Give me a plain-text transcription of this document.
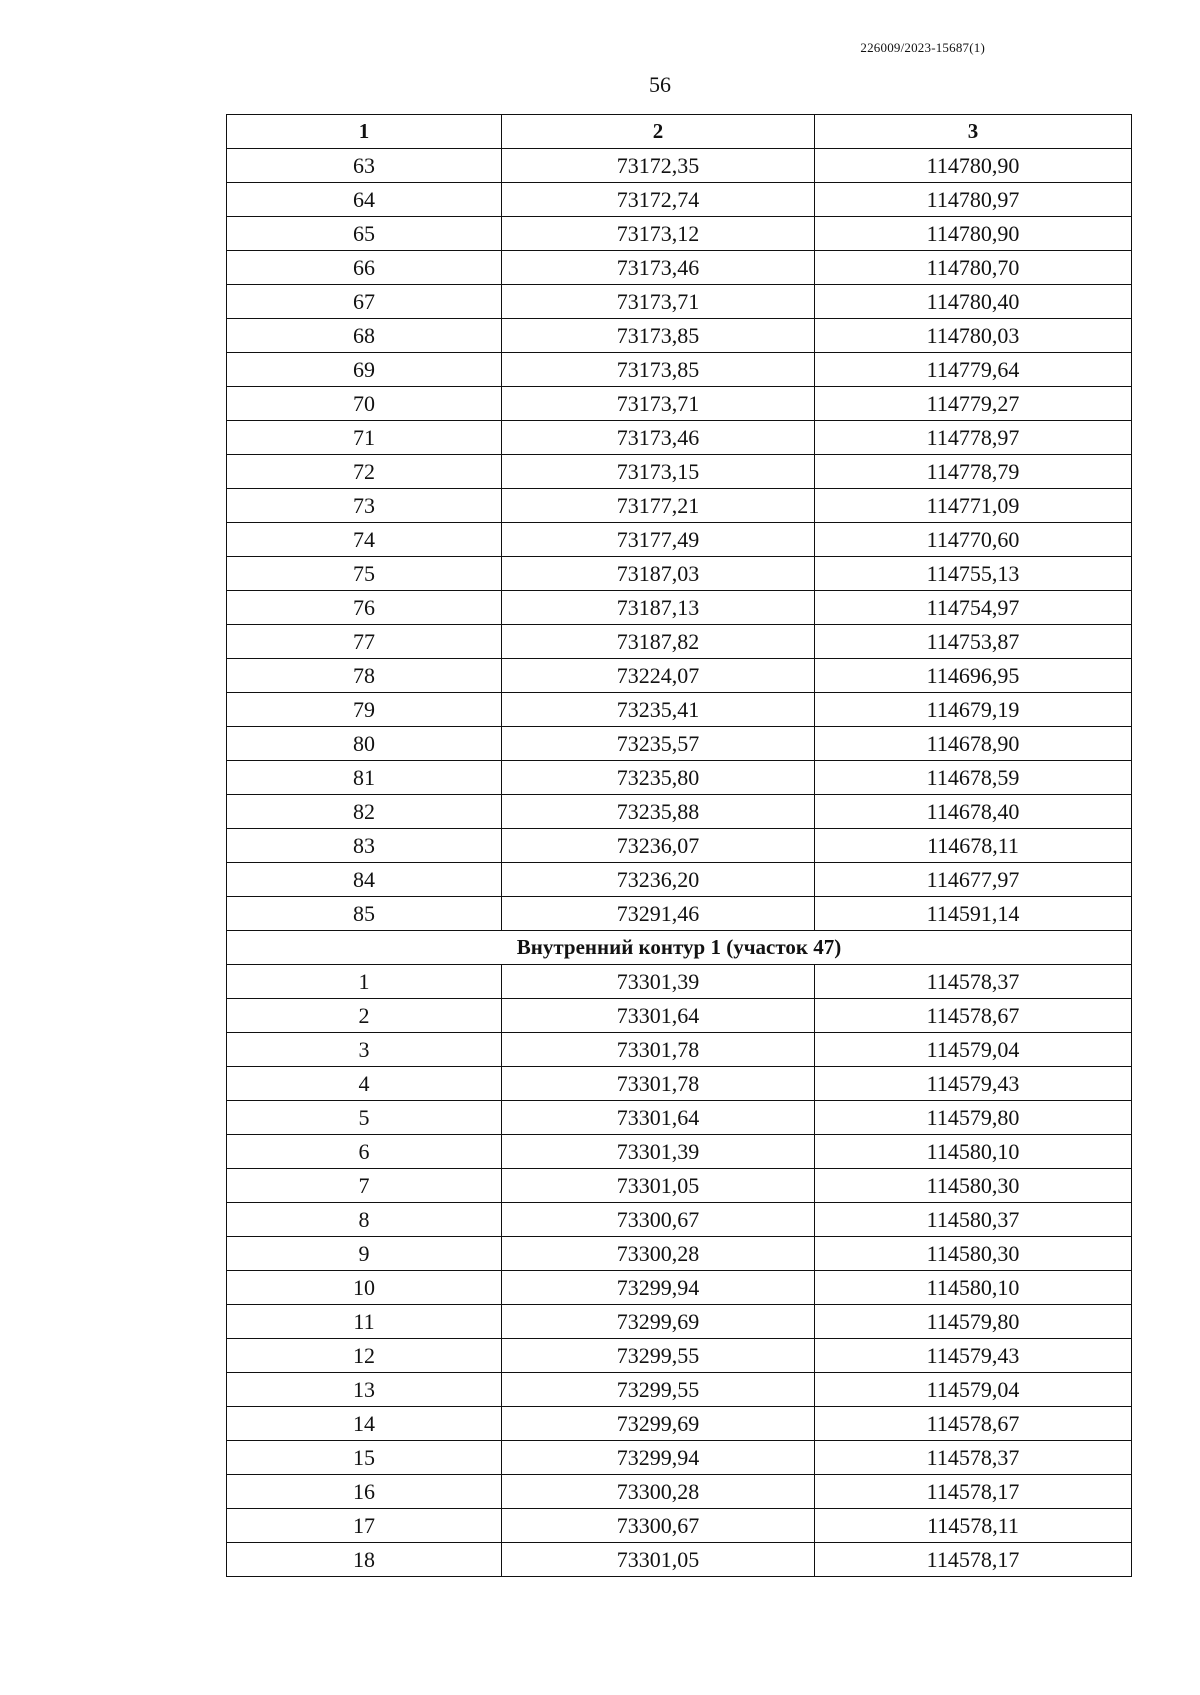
226009/2023-15687(1)
56
1	2	3
63	73172,35	114780,90
64	73172,74	114780,97
65	73173,12	114780,90
66	73173,46	114780,70
67	73173,71	114780,40
68	73173,85	114780,03
69	73173,85	114779,64
70	73173,71	114779,27
71	73173,46	114778,97
72	73173,15	114778,79
73	73177,21	114771,09
74	73177,49	114770,60
75	73187,03	114755,13
76	73187,13	114754,97
77	73187,82	114753,87
78	73224,07	114696,95
79	73235,41	114679,19
80	73235,57	114678,90
81	73235,80	114678,59
82	73235,88	114678,40
83	73236,07	114678,11
84	73236,20	114677,97
85	73291,46	114591,14
Внутренний контур 1 (участок 47)		
1	73301,39	114578,37
2	73301,64	114578,67
3	73301,78	114579,04
4	73301,78	114579,43
5	73301,64	114579,80
6	73301,39	114580,10
7	73301,05	114580,30
8	73300,67	114580,37
9	73300,28	114580,30
10	73299,94	114580,10
11	73299,69	114579,80
12	73299,55	114579,43
13	73299,55	114579,04
14	73299,69	114578,67
15	73299,94	114578,37
16	73300,28	114578,17
17	73300,67	114578,11
18	73301,05	114578,17
